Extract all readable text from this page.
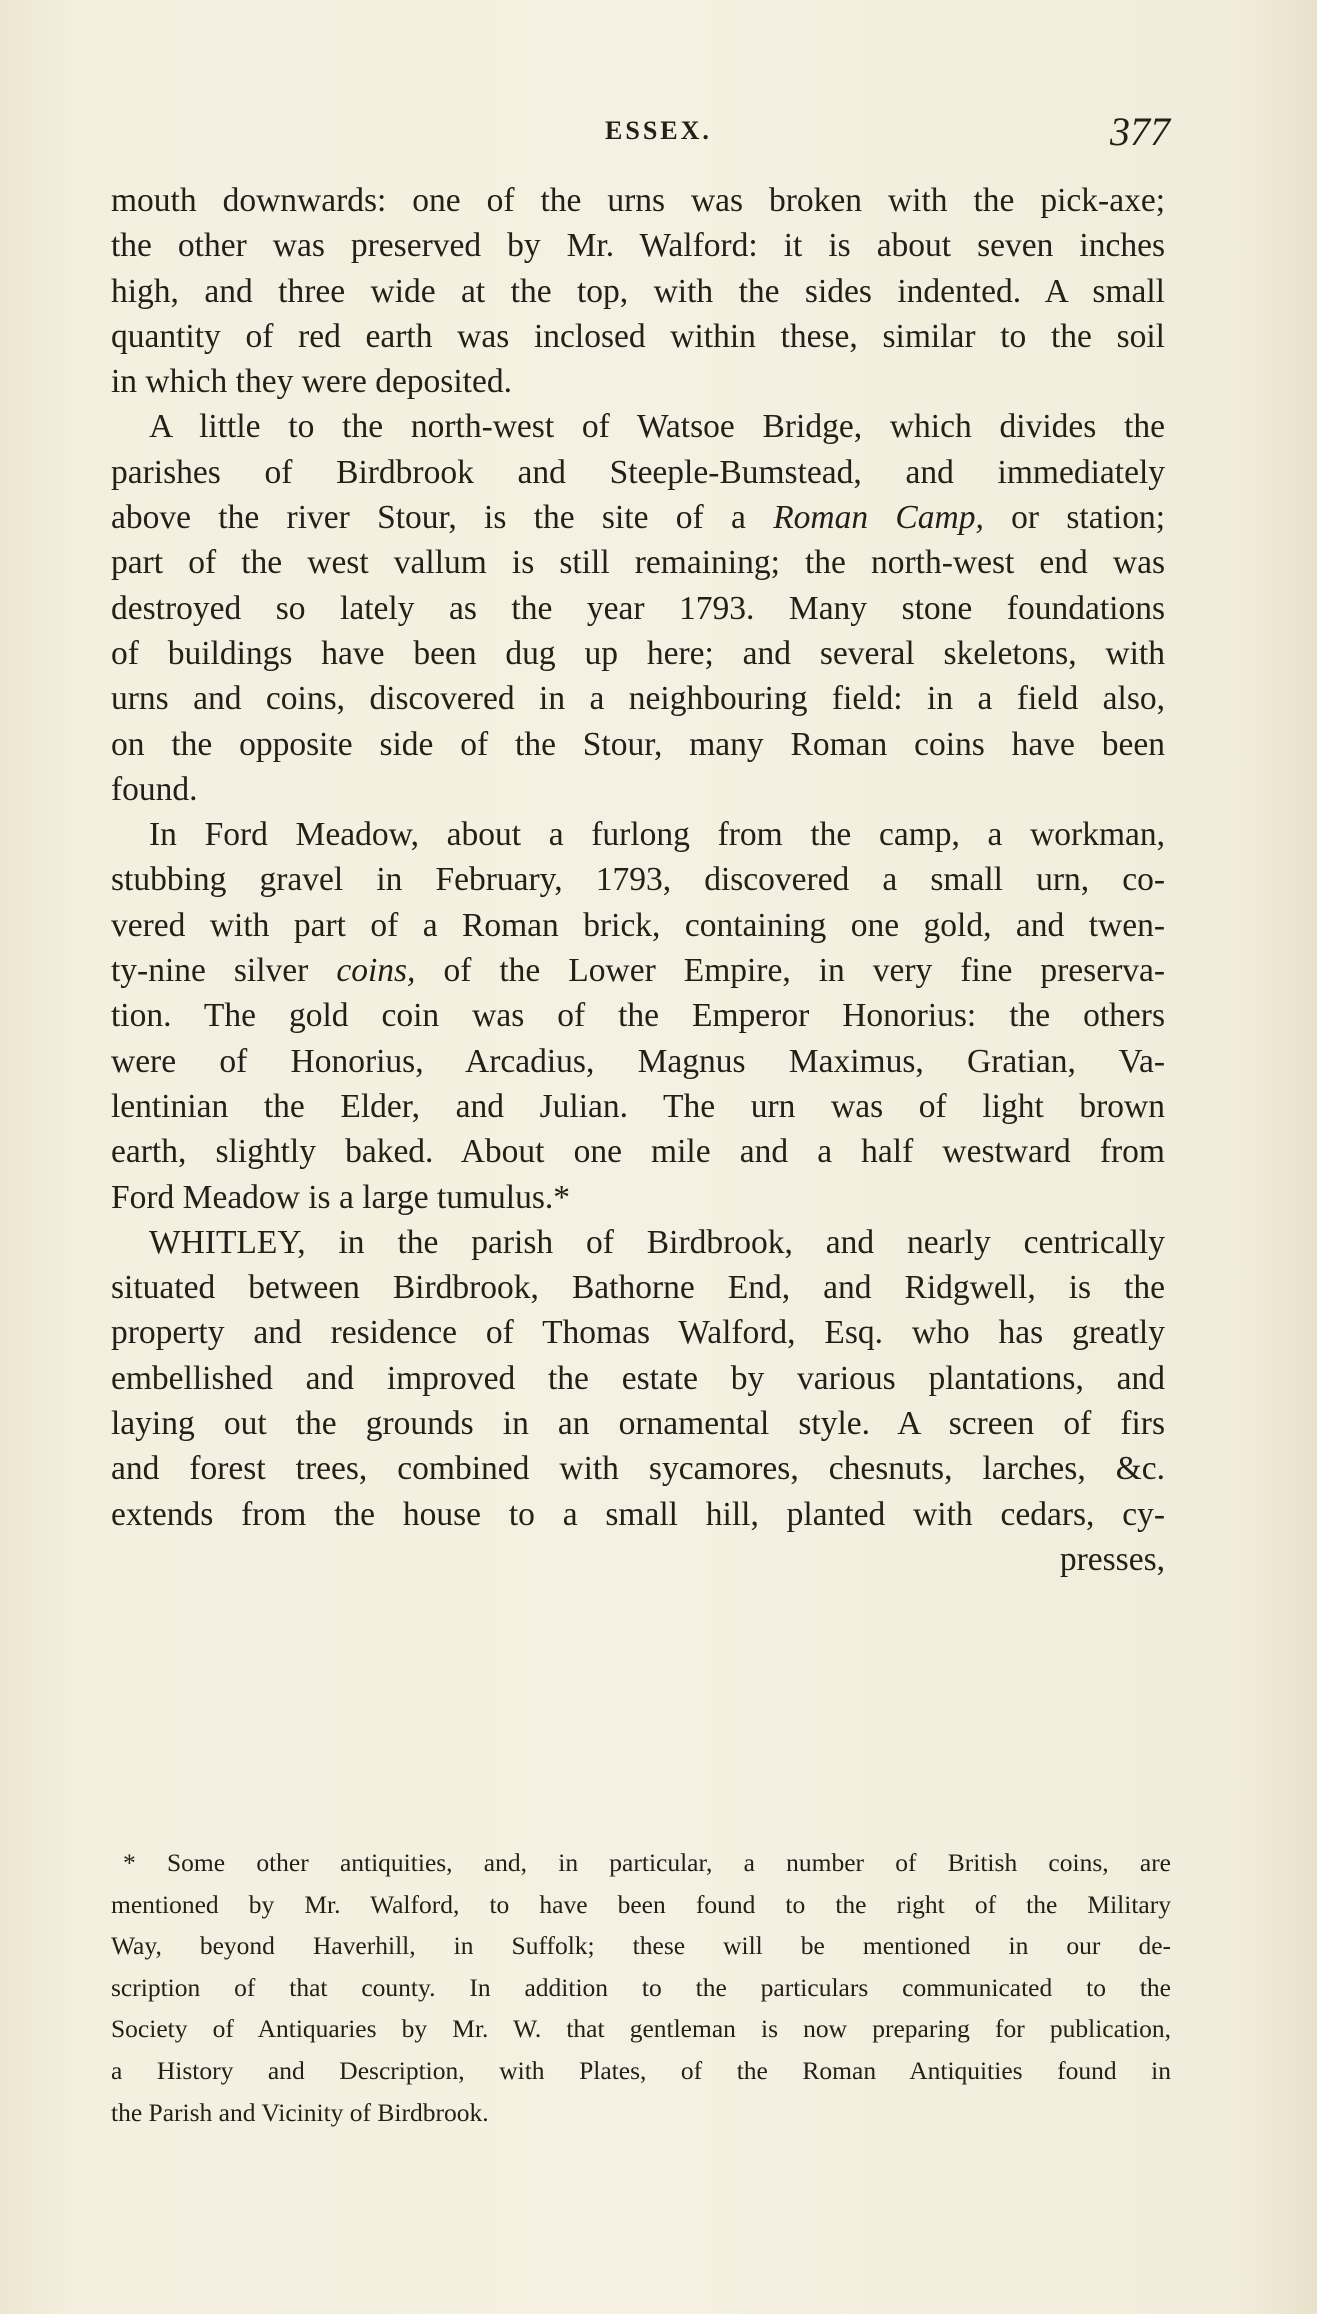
ESSEX.	377
mouth downwards: one of the urns was broken with the pick-axe;
the other was preserved by Mr. Walford: it is about seven inches
high, and three wide at the top, with the sides indented. A small
quantity of red earth was inclosed within these, similar to the soil
in which they were deposited.
A little to the north-west of Watsoe Bridge, which divides the
parishes of Birdbrook and Steeple-Bumstead, and immediately
above the river Stour, is the site of a Roman Camp, or station;
part of the west vallum is still remaining; the north-west end was
destroyed so lately as the year 1793. Many stone foundations
of buildings have been dug up here; and several skeletons, with
urns and coins, discovered in a neighbouring field: in a field also,
on the opposite side of the Stour, many Roman coins have been
found.
In Ford Meadow, about a furlong from the camp, a workman,
stubbing gravel in February, 1793, discovered a small urn, co-
vered with part of a Roman brick, containing one gold, and twen-
ty-nine silver coins, of the Lower Empire, in very fine preserva-
tion. The gold coin was of the Emperor Honorius: the others
were of Honorius, Arcadius, Magnus Maximus, Gratian, Va-
lentinian the Elder, and Julian. The urn was of light brown
earth, slightly baked. About one mile and a half westward from
Ford Meadow is a large tumulus.*
WHITLEY, in the parish of Birdbrook, and nearly centrically
situated between Birdbrook, Bathorne End, and Ridgwell, is the
property and residence of Thomas Walford, Esq. who has greatly
embellished and improved the estate by various plantations, and
laying out the grounds in an ornamental style. A screen of firs
and forest trees, combined with sycamores, chesnuts, larches, &c.
extends from the house to a small hill, planted with cedars, cy-
presses,
* Some other antiquities, and, in particular, a number of British coins, are
mentioned by Mr. Walford, to have been found to the right of the Military
Way, beyond Haverhill, in Suffolk; these will be mentioned in our de-
scription of that county. In addition to the particulars communicated to the
Society of Antiquaries by Mr. W. that gentleman is now preparing for publication,
a History and Description, with Plates, of the Roman Antiquities found in
the Parish and Vicinity of Birdbrook.
